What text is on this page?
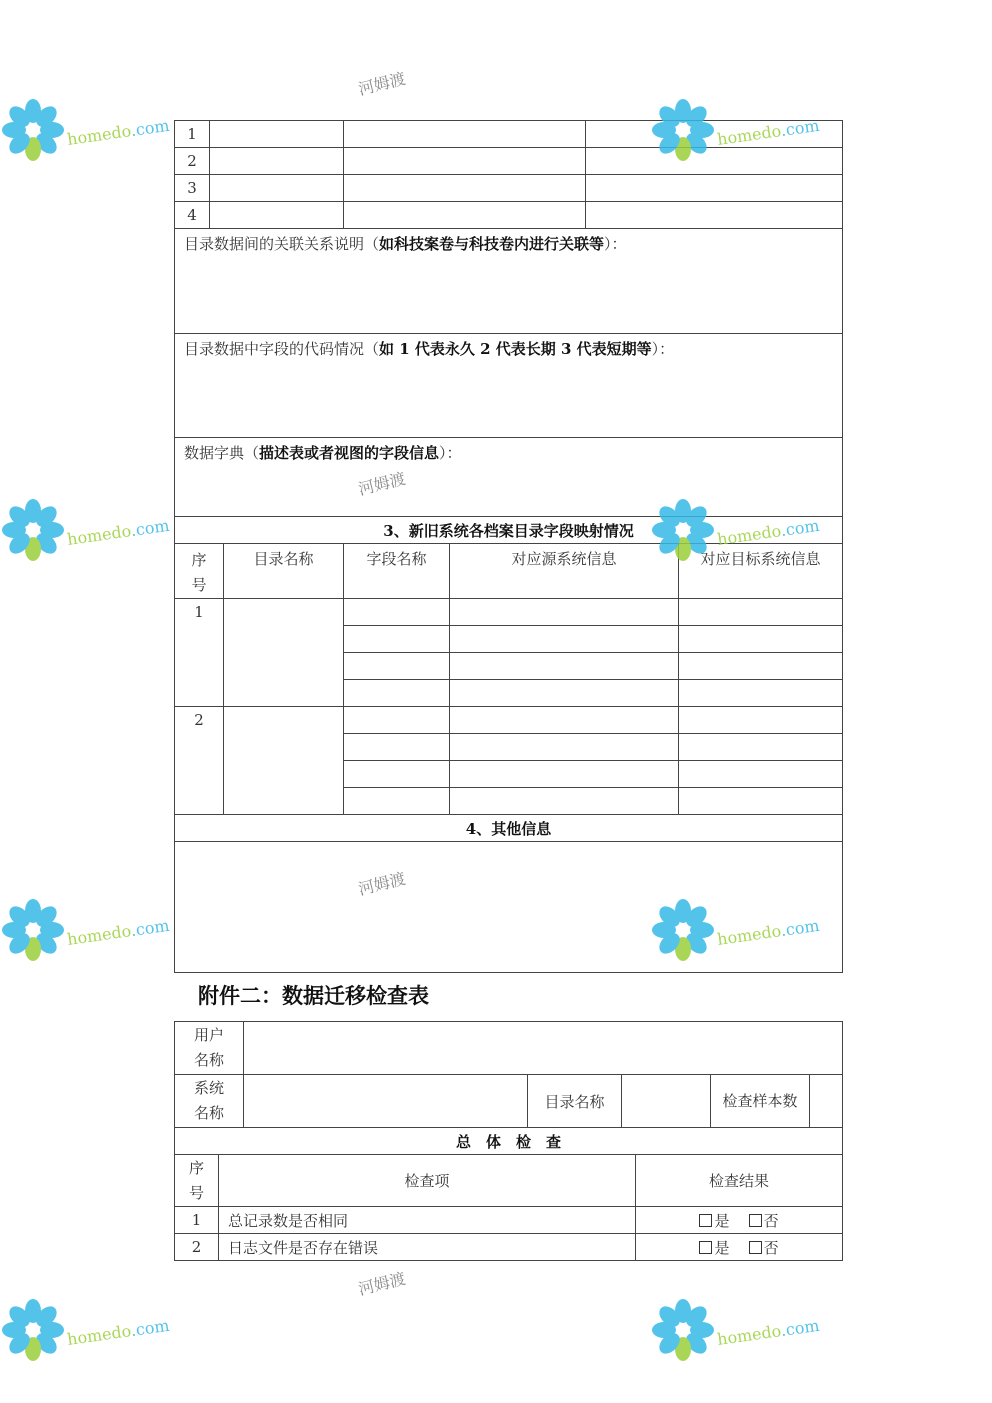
1						
2						
3						
4						
目录数据间的关联关系说明（如科技案卷与科技卷内进行关联等）：						
目录数据中字段的代码情况（如 1 代表永久 2 代表长期 3 代表短期等）：						
数据字典（描述表或者视图的字段信息）：						
3、新旧系统各档案目录字段映射情况						
序号		目录名称	字段名称	对应源系统信息		对应目标系统信息
1						

2						

4、其他信息						

附件二：数据迁移检查表
用户名称							
系统名称			目录名称			检查样本数	
总　体　检　查							
序号	检查项				检查结果		
1	总记录数是否相同				是 否		
2	日志文件是否存在错误				是 否		
homedo.com
河姆渡
homedo.com
homedo.com
河姆渡
homedo.com
homedo.com
河姆渡
homedo.com
homedo.com
河姆渡
homedo.com
